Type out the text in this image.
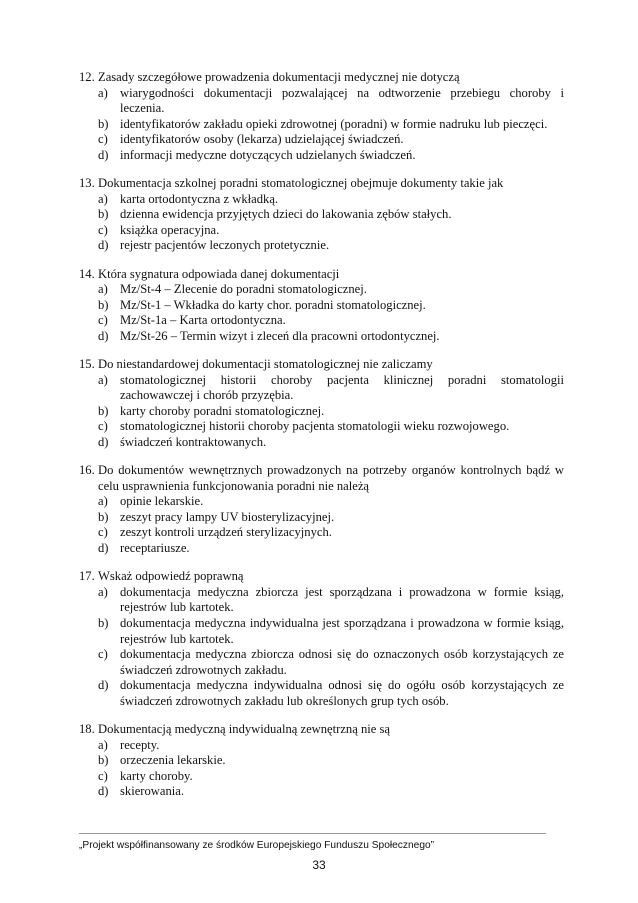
12. Zasady szczegółowe prowadzenia dokumentacji medycznej nie dotyczą
a) wiarygodności dokumentacji pozwalającej na odtworzenie przebiegu choroby i leczenia.
b) identyfikatorów zakładu opieki zdrowotnej (poradni) w formie nadruku lub pieczęci.
c) identyfikatorów osoby (lekarza) udzielającej świadczeń.
d) informacji medyczne dotyczących udzielanych świadczeń.
13. Dokumentacja szkolnej poradni stomatologicznej obejmuje dokumenty takie jak
a) karta ortodontyczna z wkładką.
b) dzienna ewidencja przyjętych dzieci do lakowania zębów stałych.
c) książka operacyjna.
d) rejestr pacjentów leczonych protetycznie.
14. Która sygnatura odpowiada danej dokumentacji
a) Mz/St-4 – Zlecenie do poradni stomatologicznej.
b) Mz/St-1 – Wkładka do karty chor. poradni stomatologicznej.
c) Mz/St-1a – Karta ortodontyczna.
d) Mz/St-26 – Termin wizyt i zleceń dla pracowni ortodontycznej.
15. Do niestandardowej dokumentacji stomatologicznej nie zaliczamy
a) stomatologicznej historii choroby pacjenta klinicznej poradni stomatologii zachowawczej i chorób przyzębia.
b) karty choroby poradni stomatologicznej.
c) stomatologicznej historii choroby pacjenta stomatologii wieku rozwojowego.
d) świadczeń kontraktowanych.
16. Do dokumentów wewnętrznych prowadzonych na potrzeby organów kontrolnych bądź w celu usprawnienia funkcjonowania poradni nie należą
a) opinie lekarskie.
b) zeszyt pracy lampy UV biosterylizacyjnej.
c) zeszyt kontroli urządzeń sterylizacyjnych.
d) receptariusze.
17. Wskaż odpowiedź poprawną
a) dokumentacja medyczna zbiorcza jest sporządzana i prowadzona w formie ksiąg, rejestrów lub kartotek.
b) dokumentacja medyczna indywidualna jest sporządzana i prowadzona w formie ksiąg, rejestrów lub kartotek.
c) dokumentacja medyczna zbiorcza odnosi się do oznaczonych osób korzystających ze świadczeń zdrowotnych zakładu.
d) dokumentacja medyczna indywidualna odnosi się do ogółu osób korzystających ze świadczeń zdrowotnych zakładu lub określonych grup tych osób.
18. Dokumentacją medyczną indywidualną zewnętrzną nie są
a) recepty.
b) orzeczenia lekarskie.
c) karty choroby.
d) skierowania.
„Projekt współfinansowany ze środków Europejskiego Funduszu Społecznego”
33
